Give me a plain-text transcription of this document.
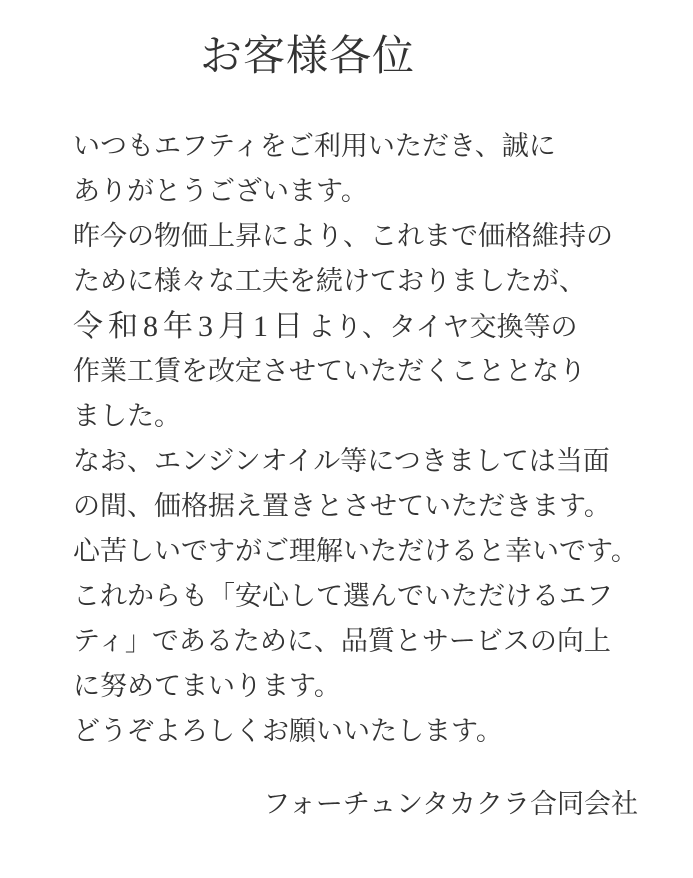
お客様各位
いつもエフティをご利用いただき、誠に
ありがとうございます。
昨今の物価上昇により、これまで価格維持の
ために様々な工夫を続けておりましたが、
令和8年3月1日より、タイヤ交換等の
作業工賃を改定させていただくこととなり
ました。
なお、エンジンオイル等につきましては当面
の間、価格据え置きとさせていただきます。
心苦しいですがご理解いただけると幸いです。
これからも「安心して選んでいただけるエフ
ティ」であるために、品質とサービスの向上
に努めてまいります。
どうぞよろしくお願いいたします。
フォーチュンタカクラ合同会社
